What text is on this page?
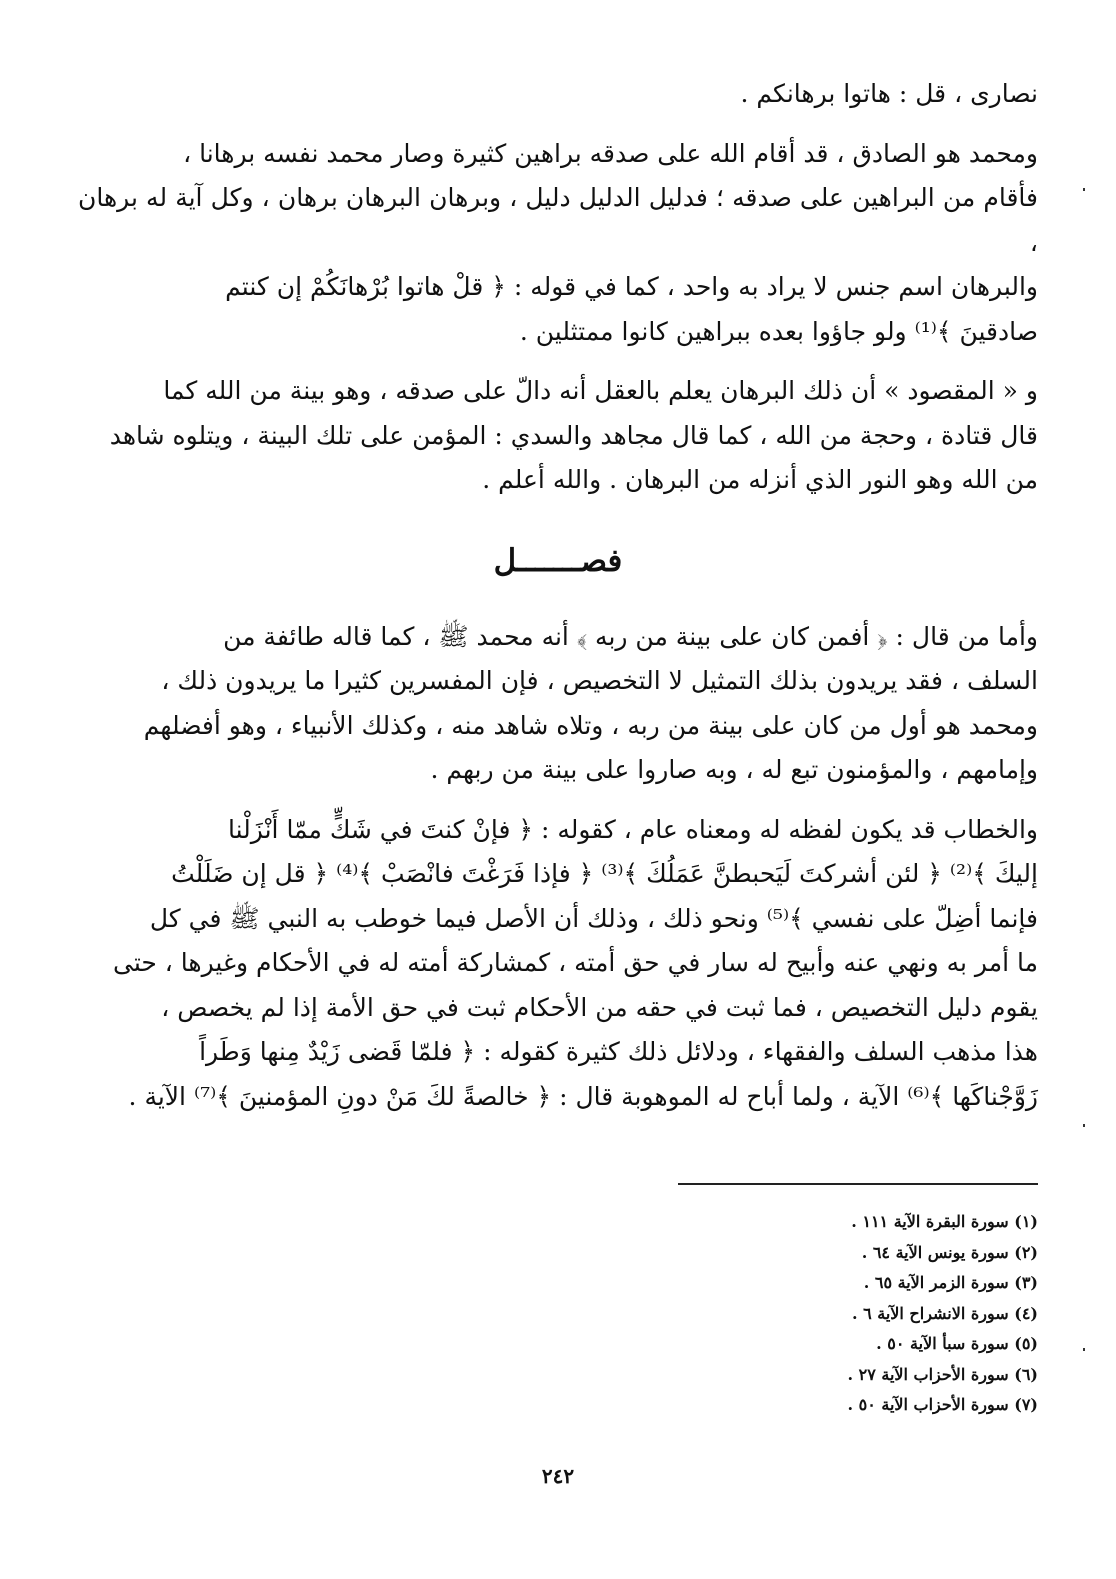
نصارى ، قل : هاتوا برهانكم .

ومحمد هو الصادق ، قد أقام الله على صدقه براهين كثيرة وصار محمد نفسه برهانا ،
فأقام من البراهين على صدقه ؛ فدليل الدليل دليل ، وبرهان البرهان برهان ، وكل آية له برهان ،
والبرهان اسم جنس لا يراد به واحد ، كما في قوله : ﴿ قلْ هاتوا بُرْهانَكُمْ إن كنتم
صادقينَ ﴾⁽¹⁾ ولو جاؤوا بعده ببراهين كانوا ممتثلين .

و « المقصود » أن ذلك البرهان يعلم بالعقل أنه دالّ على صدقه ، وهو بينة من الله كما
قال قتادة ، وحجة من الله ، كما قال مجاهد والسدي : المؤمن على تلك البينة ، ويتلوه شاهد
من الله وهو النور الذي أنزله من البرهان . والله أعلم .

فصـــــــل

وأما من قال : ﴿ أفمن كان على بينة من ربه ﴾ أنه محمد ﷺ ، كما قاله طائفة من
السلف ، فقد يريدون بذلك التمثيل لا التخصيص ، فإن المفسرين كثيرا ما يريدون ذلك ،
ومحمد هو أول من كان على بينة من ربه ، وتلاه شاهد منه ، وكذلك الأنبياء ، وهو أفضلهم
وإمامهم ، والمؤمنون تبع له ، وبه صاروا على بينة من ربهم .

والخطاب قد يكون لفظه له ومعناه عام ، كقوله : ﴿ فإنْ كنتَ في شَكٍّ ممّا أَنْزَلْنا
إليكَ ﴾⁽²⁾ ﴿ لئن أشركتَ لَيَحبطنَّ عَمَلُكَ ﴾⁽³⁾ ﴿ فإذا فَرَغْتَ فانْصَبْ ﴾⁽⁴⁾ ﴿ قل إن ضَلَلْتُ
فإنما أضِلّ على نفسي ﴾⁽⁵⁾ ونحو ذلك ، وذلك أن الأصل فيما خوطب به النبي ﷺ في كل
ما أمر به ونهي عنه وأبيح له سار في حق أمته ، كمشاركة أمته له في الأحكام وغيرها ، حتى
يقوم دليل التخصيص ، فما ثبت في حقه من الأحكام ثبت في حق الأمة إذا لم يخصص ،
هذا مذهب السلف والفقهاء ، ودلائل ذلك كثيرة كقوله : ﴿ فلمّا قَضى زَيْدٌ مِنها وَطَراً
زَوَّجْناكَها ﴾⁽⁶⁾ الآية ، ولما أباح له الموهوبة قال : ﴿ خالصةً لكَ مَنْ دونِ المؤمنينَ ﴾⁽⁷⁾ الآية .

(١) سورة البقرة الآية ١١١ .
(٢) سورة يونس الآية ٦٤ .
(٣) سورة الزمر الآية ٦٥ .
(٤) سورة الانشراح الآية ٦ .
(٥) سورة سبأ الآية ٥٠ .
(٦) سورة الأحزاب الآية ٢٧ .
(٧) سورة الأحزاب الآية ٥٠ .
٢٤٢
